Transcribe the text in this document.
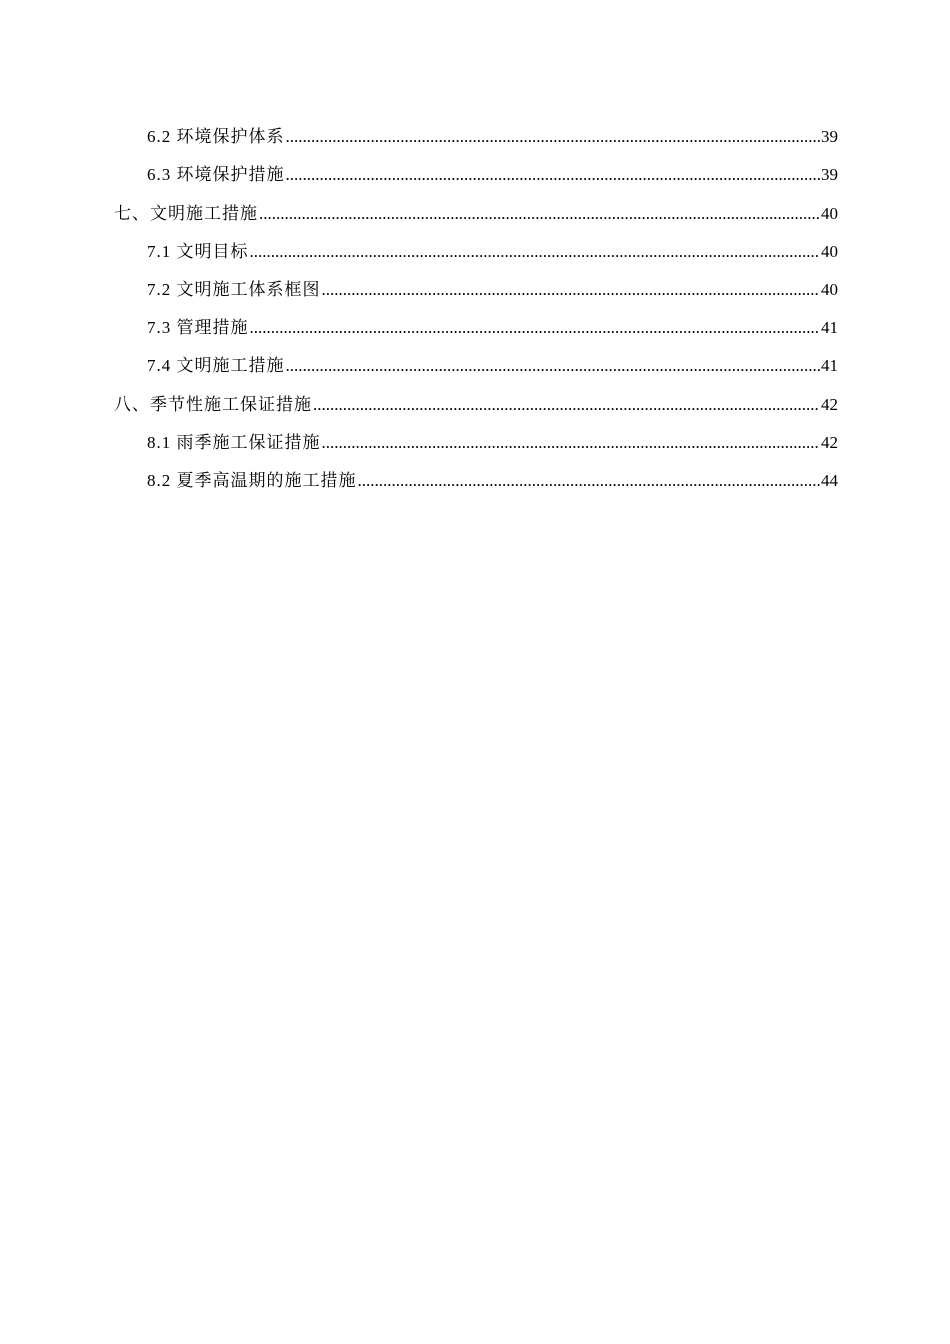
6.2 环境保护体系 .....	39
6.3 环境保护措施 .....	39
七、文明施工措施 .....	40
7.1 文明目标 .....	40
7.2 文明施工体系框图 .....	40
7.3 管理措施 .....	41
7.4 文明施工措施 .....	41
八、季节性施工保证措施 .....	42
8.1 雨季施工保证措施 .....	42
8.2 夏季高温期的施工措施 .....	44
